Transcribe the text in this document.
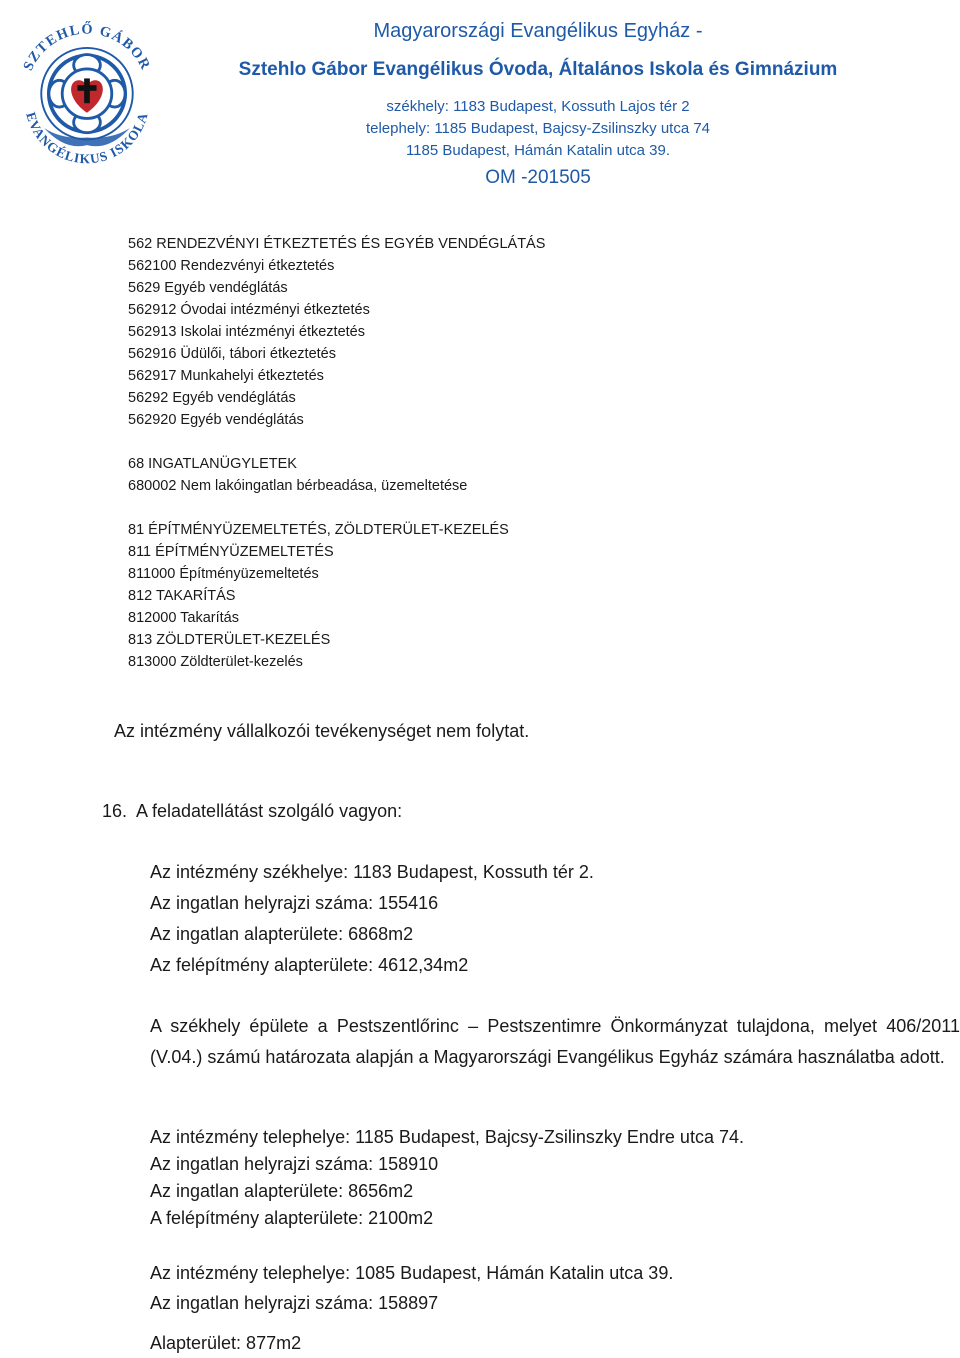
SZTEHLŐ GÁBOR
EVANGÉLIKUS ISKOLA
Magyarországi Evangélikus Egyház -
Sztehlo Gábor Evangélikus Óvoda, Általános Iskola és Gimnázium
székhely: 1183 Budapest, Kossuth Lajos tér 2
telephely: 1185 Budapest, Bajcsy-Zsilinszky utca 74
1185 Budapest, Hámán Katalin utca 39.
OM -201505
562 RENDEZVÉNYI ÉTKEZTETÉS ÉS EGYÉB VENDÉGLÁTÁS
562100 Rendezvényi étkeztetés
5629 Egyéb vendéglátás
562912 Óvodai intézményi étkeztetés
562913 Iskolai intézményi étkeztetés
562916 Üdülői, tábori étkeztetés
562917 Munkahelyi étkeztetés
56292 Egyéb vendéglátás
562920 Egyéb vendéglátás
68 INGATLANÜGYLETEK
680002 Nem lakóingatlan bérbeadása, üzemeltetése
81 ÉPÍTMÉNYÜZEMELTETÉS, ZÖLDTERÜLET-KEZELÉS
811 ÉPÍTMÉNYÜZEMELTETÉS
811000 Építményüzemeltetés
812 TAKARÍTÁS
812000 Takarítás
813 ZÖLDTERÜLET-KEZELÉS
813000 Zöldterület-kezelés
Az intézmény vállalkozói tevékenységet nem folytat.
16. A feladatellátást szolgáló vagyon:
Az intézmény székhelye: 1183 Budapest, Kossuth tér 2.
Az ingatlan helyrajzi száma: 155416
Az ingatlan alapterülete: 6868m2
Az felépítmény alapterülete: 4612,34m2
A székhely épülete a Pestszentlőrinc – Pestszentimre Önkormányzat tulajdona, melyet 406/2011 (V.04.) számú határozata alapján a Magyarországi Evangélikus Egyház számára használatba adott.
Az intézmény telephelye: 1185 Budapest, Bajcsy-Zsilinszky Endre utca 74.
Az ingatlan helyrajzi száma: 158910
Az ingatlan alapterülete: 8656m2
A felépítmény alapterülete: 2100m2
Az intézmény telephelye: 1085 Budapest, Hámán Katalin utca 39.
Az ingatlan helyrajzi száma: 158897
Alapterület: 877m2
